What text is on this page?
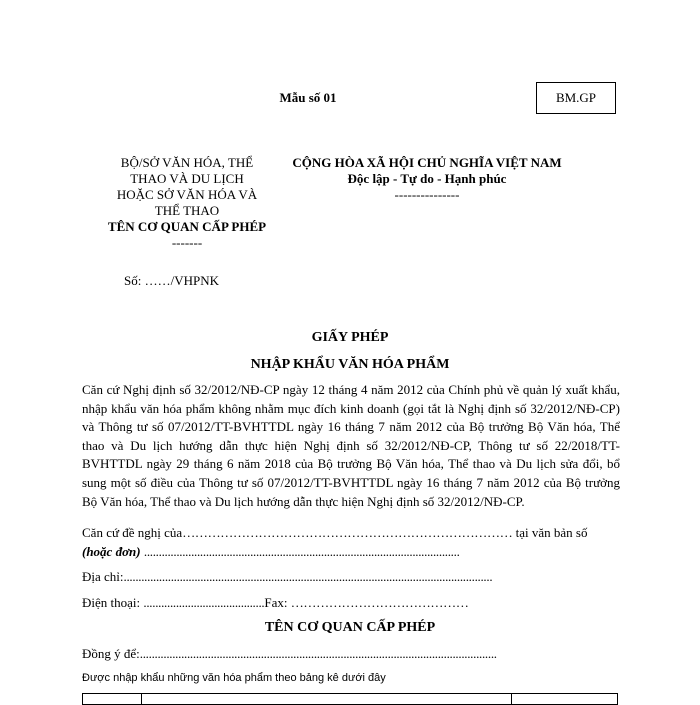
Mẫu số 01	BM.GP
BỘ/SỞ VĂN HÓA, THỂ
THAO VÀ DU LỊCH
HOẶC SỞ VĂN HÓA VÀ
THỂ THAO
TÊN CƠ QUAN CẤP PHÉP
-------
CỘNG HÒA XÃ HỘI CHỦ NGHĨA VIỆT NAM
Độc lập - Tự do - Hạnh phúc
---------------
Số: ……/VHPNK
GIẤY PHÉP
NHẬP KHẨU VĂN HÓA PHẨM
Căn cứ Nghị định số 32/2012/NĐ-CP ngày 12 tháng 4 năm 2012 của Chính phủ về quản lý xuất khẩu, nhập khẩu văn hóa phẩm không nhằm mục đích kinh doanh (gọi tắt là Nghị định số 32/2012/NĐ-CP) và Thông tư số 07/2012/TT-BVHTTDL ngày 16 tháng 7 năm 2012 của Bộ trưởng Bộ Văn hóa, Thể thao và Du lịch hướng dẫn thực hiện Nghị định số 32/2012/NĐ-CP, Thông tư số 22/2018/TT-BVHTTDL ngày 29 tháng 6 năm 2018 của Bộ trưởng Bộ Văn hóa, Thể thao và Du lịch sửa đổi, bổ sung một số điều của Thông tư số 07/2012/TT-BVHTTDL ngày 16 tháng 7 năm 2012 của Bộ trưởng Bộ Văn hóa, Thể thao và Du lịch hướng dẫn thực hiện Nghị định số 32/2012/NĐ-CP.
Căn cứ đề nghị của…………………………………………………………………… tại văn bản số
(hoặc đơn) ...........................................................................................................
Địa chỉ:.............................................................................................................................
Điện thoại: .........................................Fax: ……………………………………
TÊN CƠ QUAN CẤP PHÉP
Đồng ý để:.........................................................................................................................
Được nhập khẩu những văn hóa phẩm theo bảng kê dưới đây
